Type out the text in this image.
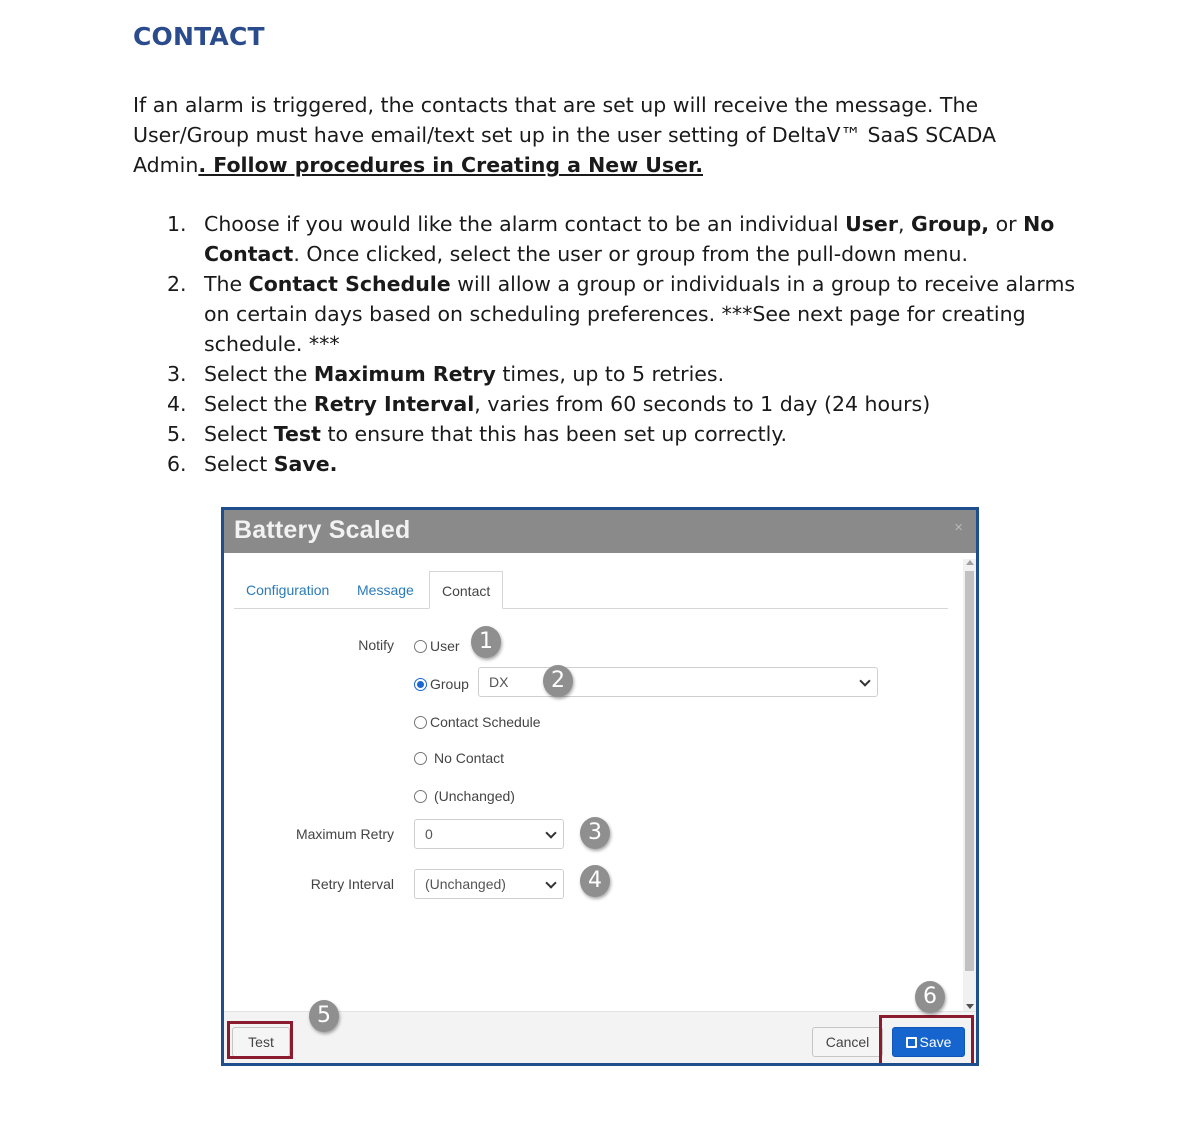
CONTACT
If an alarm is triggered, the contacts that are set up will receive the message. The
User/Group must have email/text set up in the user setting of DeltaV™ SaaS SCADA
Admin. Follow procedures in Creating a New User.
1. Choose if you would like the alarm contact to be an individual User, Group, or No Contact. Once clicked, select the user or group from the pull-down menu.
2. The Contact Schedule will allow a group or individuals in a group to receive alarms on certain days based on scheduling preferences. ***See next page for creating schedule. ***
3. Select the Maximum Retry times, up to 5 retries.
4. Select the Retry Interval, varies from 60 seconds to 1 day (24 hours)
5. Select Test to ensure that this has been set up correctly.
6. Select Save.
Battery Scaled	×
Configuration Message	Contact
Notify	User
Group	DX
Contact Schedule
No Contact
(Unchanged)
Maximum Retry	0
Retry Interval	(Unchanged)
Test	Cancel	Save
1
2
3
4
5
6
